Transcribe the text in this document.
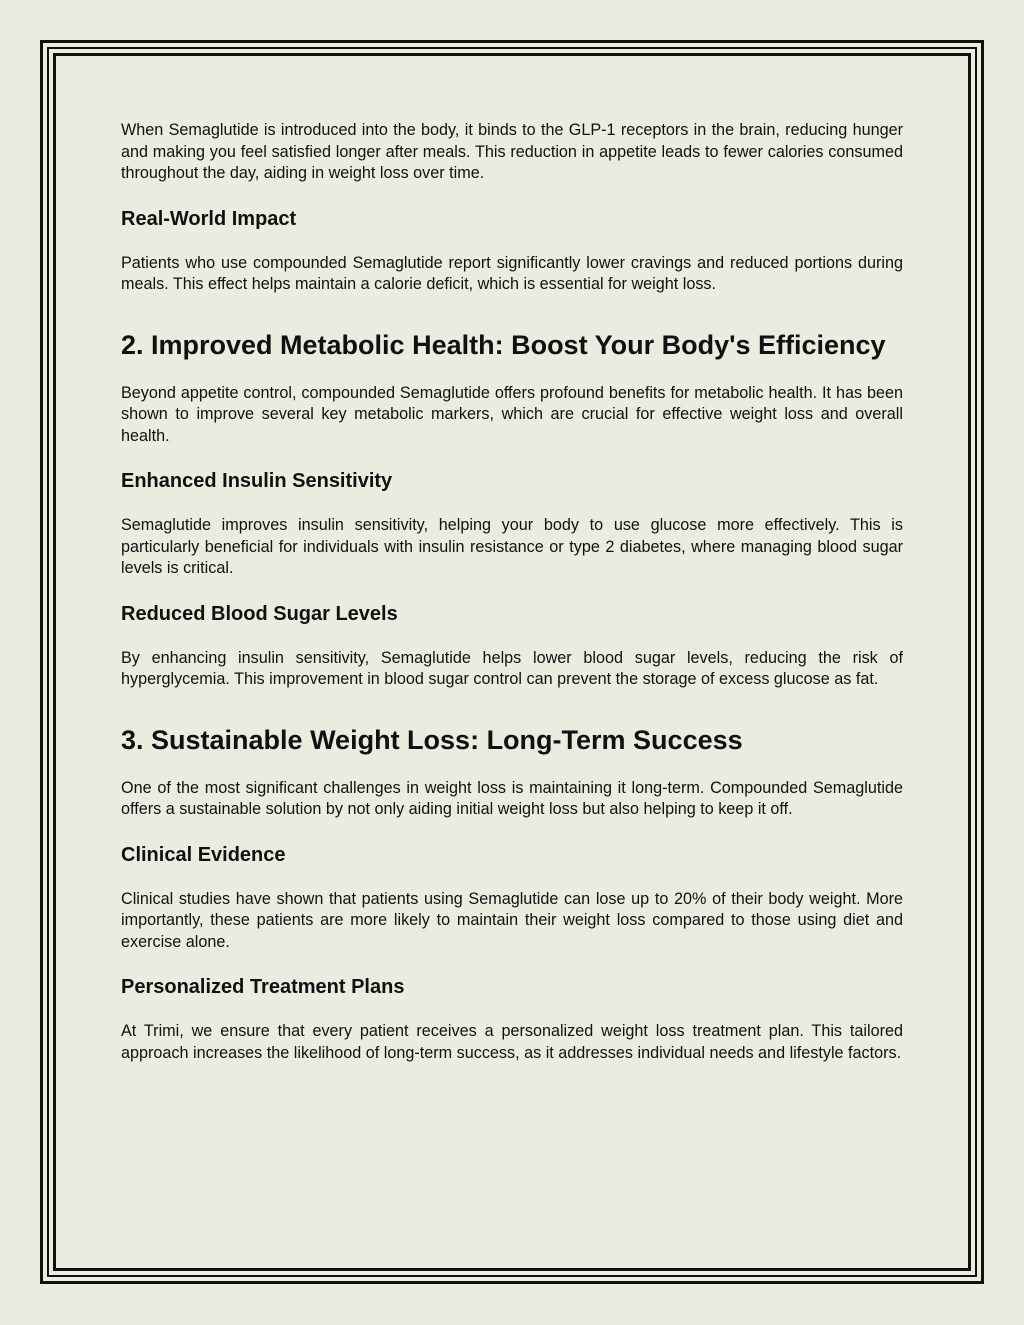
When Semaglutide is introduced into the body, it binds to the GLP-1 receptors in the brain, reducing hunger and making you feel satisfied longer after meals. This reduction in appetite leads to fewer calories consumed throughout the day, aiding in weight loss over time.

Real-World Impact

Patients who use compounded Semaglutide report significantly lower cravings and reduced portions during meals. This effect helps maintain a calorie deficit, which is essential for weight loss.

2. Improved Metabolic Health: Boost Your Body's Efficiency

Beyond appetite control, compounded Semaglutide offers profound benefits for metabolic health. It has been shown to improve several key metabolic markers, which are crucial for effective weight loss and overall health.

Enhanced Insulin Sensitivity

Semaglutide improves insulin sensitivity, helping your body to use glucose more effectively. This is particularly beneficial for individuals with insulin resistance or type 2 diabetes, where managing blood sugar levels is critical.

Reduced Blood Sugar Levels

By enhancing insulin sensitivity, Semaglutide helps lower blood sugar levels, reducing the risk of hyperglycemia. This improvement in blood sugar control can prevent the storage of excess glucose as fat.

3. Sustainable Weight Loss: Long-Term Success

One of the most significant challenges in weight loss is maintaining it long-term. Compounded Semaglutide offers a sustainable solution by not only aiding initial weight loss but also helping to keep it off.

Clinical Evidence

Clinical studies have shown that patients using Semaglutide can lose up to 20% of their body weight. More importantly, these patients are more likely to maintain their weight loss compared to those using diet and exercise alone.

Personalized Treatment Plans

At Trimi, we ensure that every patient receives a personalized weight loss treatment plan. This tailored approach increases the likelihood of long-term success, as it addresses individual needs and lifestyle factors.
